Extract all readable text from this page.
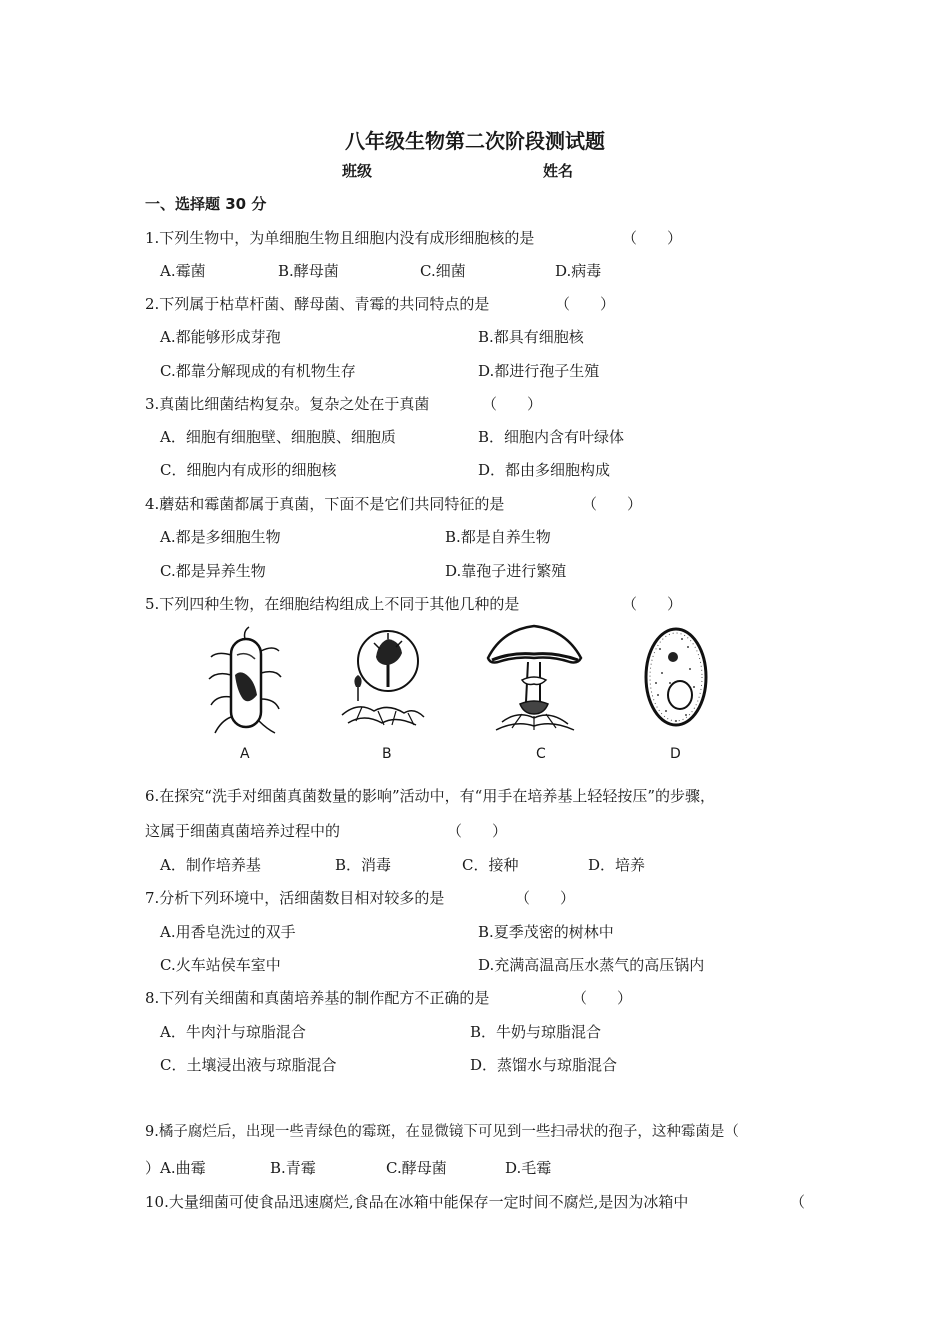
八年级生物第二次阶段测试题
班级	姓名
一、选择题 30 分
1.下列生物中，为单细胞生物且细胞内没有成形细胞核的是	（　　）
A.霉菌	B.酵母菌	C.细菌	D.病毒
2.下列属于枯草杆菌、酵母菌、青霉的共同特点的是	（　　）
A.都能够形成芽孢	B.都具有细胞核
C.都靠分解现成的有机物生存	D.都进行孢子生殖
3.真菌比细菌结构复杂。复杂之处在于真菌	（　　）
A．细胞有细胞壁、细胞膜、细胞质	B．细胞内含有叶绿体
C．细胞内有成形的细胞核	D．都由多细胞构成
4.蘑菇和霉菌都属于真菌，下面不是它们共同特征的是	（　　）
A.都是多细胞生物	B.都是自养生物
C.都是异养生物	D.靠孢子进行繁殖
5.下列四种生物，在细胞结构组成上不同于其他几种的是	（　　）
A	B	C	D
6.在探究“洗手对细菌真菌数量的影响”活动中，有“用手在培养基上轻轻按压”的步骤，
这属于细菌真菌培养过程中的	（　　）
A．制作培养基	B．消毒	C．接种	D．培养
7.分析下列环境中，活细菌数目相对较多的是	（　　）
A.用香皂洗过的双手	B.夏季茂密的树林中
C.火车站侯车室中	D.充满高温高压水蒸气的高压锅内
8.下列有关细菌和真菌培养基的制作配方不正确的是	（　　）
A．牛肉汁与琼脂混合	B．牛奶与琼脂混合
C．土壤浸出液与琼脂混合	D．蒸馏水与琼脂混合
9.橘子腐烂后，出现一些青绿色的霉斑，在显微镜下可见到一些扫帚状的孢子，这种霉菌是（
）A.曲霉	B.青霉	C.酵母菌	D.毛霉
10.大量细菌可使食品迅速腐烂,食品在冰箱中能保存一定时间不腐烂,是因为冰箱中	（
